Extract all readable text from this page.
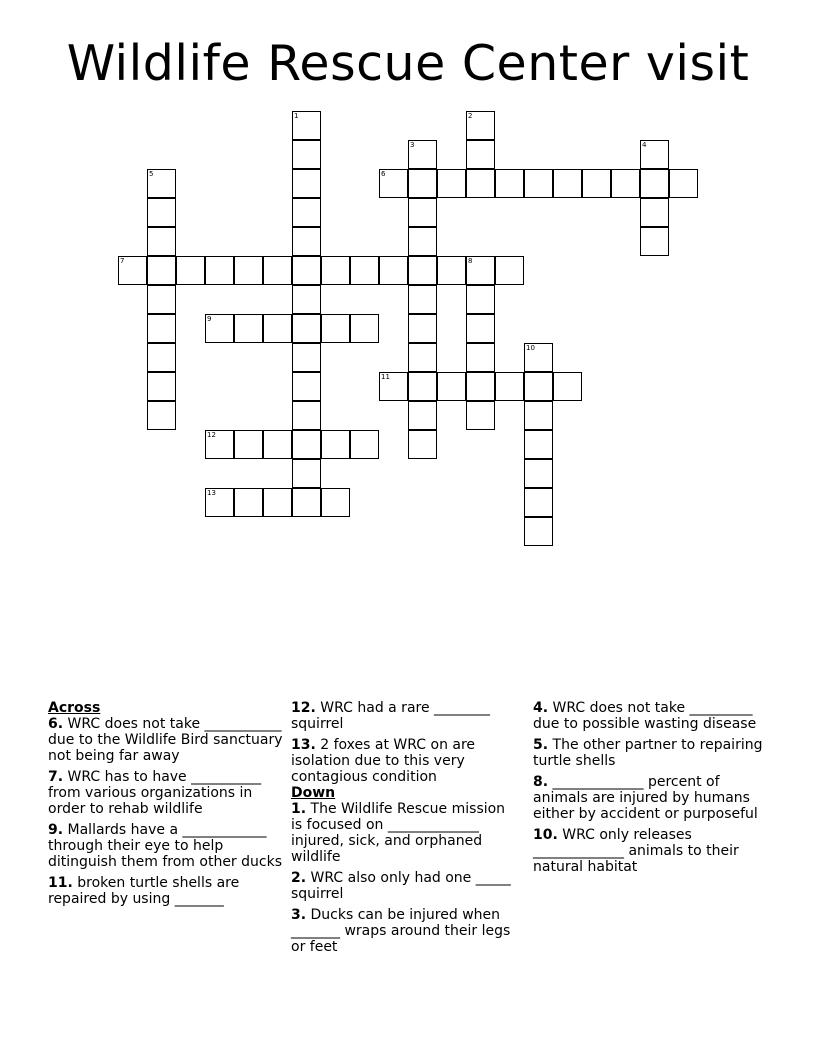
Wildlife Rescue Center visit
1	2
3	4
5	6
7	8
9
10
11
12
13
Across
6. WRC does not take ___________ due to the Wildlife Bird sanctuary not being far away
7. WRC has to have __________ from various organizations in order to rehab wildlife
9. Mallards have a ____________ through their eye to help ditinguish them from other ducks
11. broken turtle shells are repaired by using _______
12. WRC had a rare ________ squirrel
13. 2 foxes at WRC on are isolation due to this very contagious condition
Down
1. The Wildlife Rescue mission is focused on _____________ injured, sick, and orphaned wildlife
2. WRC also only had one _____ squirrel
3. Ducks can be injured when _______ wraps around their legs or feet
4. WRC does not take _________ due to possible wasting disease
5. The other partner to repairing turtle shells
8. _____________ percent of animals are injured by humans either by accident or purposeful
10. WRC only releases _____________ animals to their natural habitat
